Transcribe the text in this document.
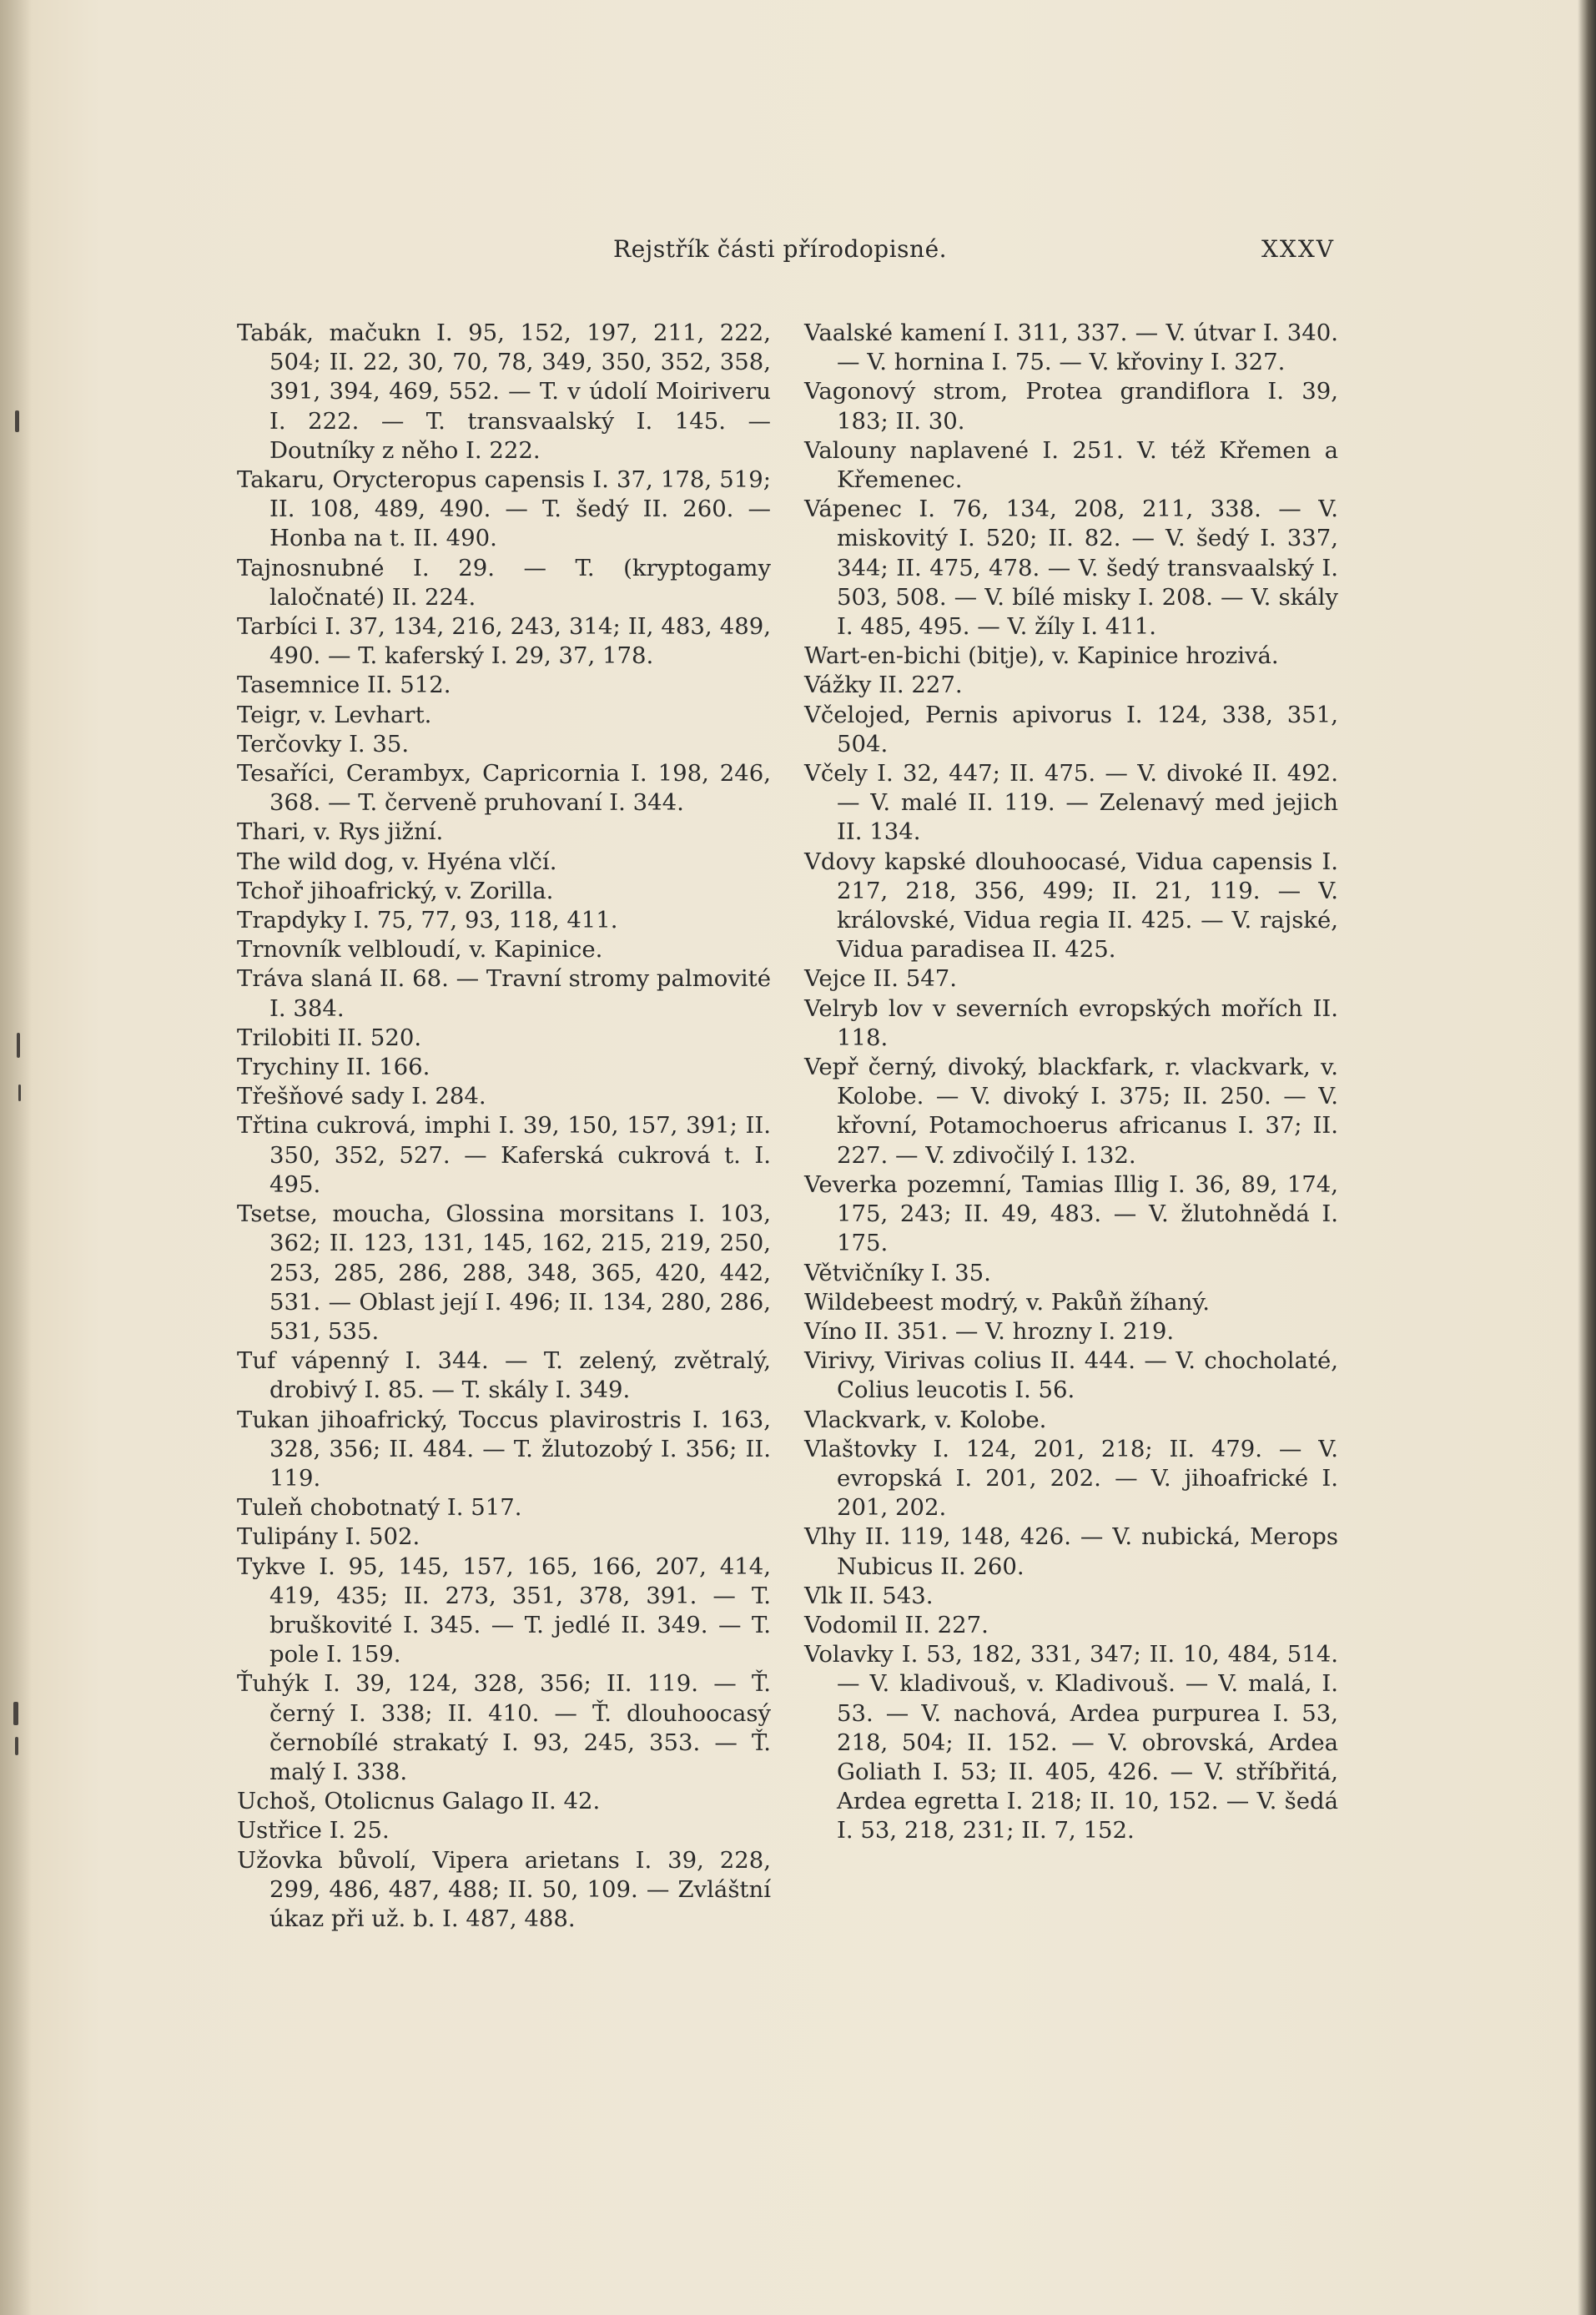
Rejstřík části přírodopisné.	XXXV

Tabák, mačukn I. 95, 152, 197, 211, 222, 504; II. 22, 30, 70, 78, 349, 350, 352, 358, 391, 394, 469, 552. — T. v údolí Moiriveru I. 222. — T. transvaalský I. 145. — Doutníky z něho I. 222.

Takaru, Orycteropus capensis I. 37, 178, 519; II. 108, 489, 490. — T. šedý II. 260. — Honba na t. II. 490.

Tajnosnubné I. 29. — T. (kryptogamy laločnaté) II. 224.

Tarbíci I. 37, 134, 216, 243, 314; II, 483, 489, 490. — T. kaferský I. 29, 37, 178.

Tasemnice II. 512.

Teigr, v. Levhart.

Terčovky I. 35.

Tesaříci, Cerambyx, Capricornia I. 198, 246, 368. — T. červeně pruhovaní I. 344.

Thari, v. Rys jižní.

The wild dog, v. Hyéna vlčí.

Tchoř jihoafrický, v. Zorilla.

Trapdyky I. 75, 77, 93, 118, 411.

Trnovník velbloudí, v. Kapinice.

Tráva slaná II. 68. — Travní stromy palmovité I. 384.

Trilobiti II. 520.

Trychiny II. 166.

Třešňové sady I. 284.

Třtina cukrová, imphi I. 39, 150, 157, 391; II. 350, 352, 527. — Kaferská cukrová t. I. 495.

Tsetse, moucha, Glossina morsitans I. 103, 362; II. 123, 131, 145, 162, 215, 219, 250, 253, 285, 286, 288, 348, 365, 420, 442, 531. — Oblast její I. 496; II. 134, 280, 286, 531, 535.

Tuf vápenný I. 344. — T. zelený, zvětralý, drobivý I. 85. — T. skály I. 349.

Tukan jihoafrický, Toccus plavirostris I. 163, 328, 356; II. 484. — T. žlutozobý I. 356; II. 119.

Tuleň chobotnatý I. 517.

Tulipány I. 502.

Tykve I. 95, 145, 157, 165, 166, 207, 414, 419, 435; II. 273, 351, 378, 391. — T. bruškovité I. 345. — T. jedlé II. 349. — T. pole I. 159.

Ťuhýk I. 39, 124, 328, 356; II. 119. — Ť. černý I. 338; II. 410. — Ť. dlouhoocasý černobílé strakatý I. 93, 245, 353. — Ť. malý I. 338.

Uchoš, Otolicnus Galago II. 42.

Ustřice I. 25.

Užovka bůvolí, Vipera arietans I. 39, 228, 299, 486, 487, 488; II. 50, 109. — Zvláštní úkaz při už. b. I. 487, 488.

Vaalské kamení I. 311, 337. — V. útvar I. 340. — V. hornina I. 75. — V. křoviny I. 327.

Vagonový strom, Protea grandiflora I. 39, 183; II. 30.

Valouny naplavené I. 251. V. též Křemen a Křemenec.

Vápenec I. 76, 134, 208, 211, 338. — V. miskovitý I. 520; II. 82. — V. šedý I. 337, 344; II. 475, 478. — V. šedý transvaalský I. 503, 508. — V. bílé misky I. 208. — V. skály I. 485, 495. — V. žíly I. 411.

Wart-en-bichi (bitje), v. Kapinice hrozivá.

Vážky II. 227.

Včelojed, Pernis apivorus I. 124, 338, 351, 504.

Včely I. 32, 447; II. 475. — V. divoké II. 492. — V. malé II. 119. — Zelenavý med jejich II. 134.

Vdovy kapské dlouhoocasé, Vidua capensis I. 217, 218, 356, 499; II. 21, 119. — V. královské, Vidua regia II. 425. — V. rajské, Vidua paradisea II. 425.

Vejce II. 547.

Velryb lov v severních evropských mořích II. 118.

Vepř černý, divoký, blackfark, r. vlackvark, v. Kolobe. — V. divoký I. 375; II. 250. — V. křovní, Potamochoerus africanus I. 37; II. 227. — V. zdivočilý I. 132.

Veverka pozemní, Tamias Illig I. 36, 89, 174, 175, 243; II. 49, 483. — V. žlutohnědá I. 175.

Větvičníky I. 35.

Wildebeest modrý, v. Pakůň žíhaný.

Víno II. 351. — V. hrozny I. 219.

Virivy, Virivas colius II. 444. — V. chocholaté, Colius leucotis I. 56.

Vlackvark, v. Kolobe.

Vlaštovky I. 124, 201, 218; II. 479. — V. evropská I. 201, 202. — V. jihoafrické I. 201, 202.

Vlhy II. 119, 148, 426. — V. nubická, Merops Nubicus II. 260.

Vlk II. 543.

Vodomil II. 227.

Volavky I. 53, 182, 331, 347; II. 10, 484, 514. — V. kladivouš, v. Kladivouš. — V. malá, I. 53. — V. nachová, Ardea purpurea I. 53, 218, 504; II. 152. — V. obrovská, Ardea Goliath I. 53; II. 405, 426. — V. stříbřitá, Ardea egretta I. 218; II. 10, 152. — V. šedá I. 53, 218, 231; II. 7, 152.
